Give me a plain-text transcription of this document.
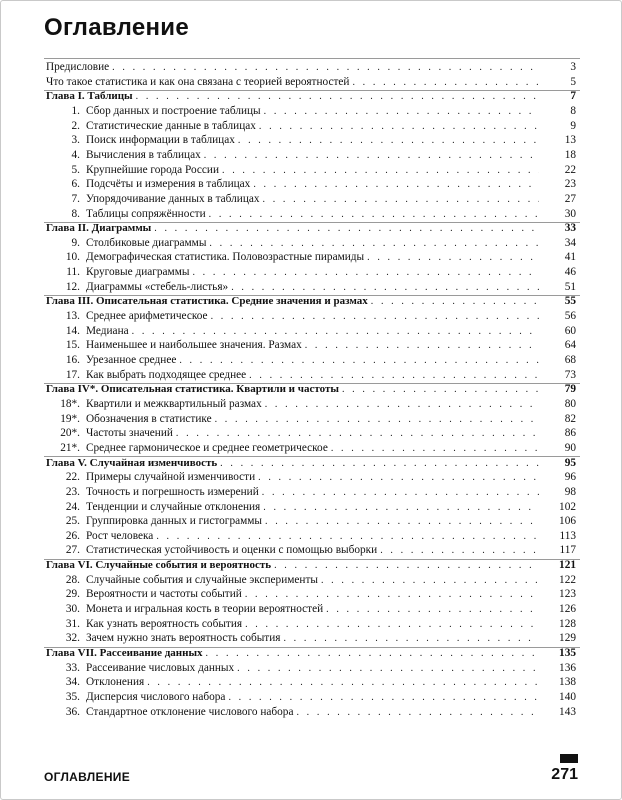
Оглавление
Предисловие . . .	3
Что такое статистика и как она связана с теорией вероятностей . . .	5
Глава I. Таблицы . . .	7
1. Сбор данных и построение таблицы . . .	8
2. Статистические данные в таблицах . . .	9
3. Поиск информации в таблицах . . .	13
4. Вычисления в таблицах . . .	18
5. Крупнейшие города России . . .	22
6. Подсчёты и измерения в таблицах . . .	23
7. Упорядочивание данных в таблицах . . .	27
8. Таблицы сопряжённости . . .	30
Глава II. Диаграммы . . .	33
9. Столбиковые диаграммы . . .	34
10. Демографическая статистика. Половозрастные пирамиды . . .	41
11. Круговые диаграммы . . .	46
12. Диаграммы «стебель-листья» . . .	51
Глава III. Описательная статистика. Средние значения и размах . . .	55
13. Среднее арифметическое . . .	56
14. Медиана . . .	60
15. Наименьшее и наибольшее значения. Размах . . .	64
16. Урезанное среднее . . .	68
17. Как выбрать подходящее среднее . . .	73
Глава IV*. Описательная статистика. Квартили и частоты . . .	79
18*. Квартили и межквартильный размах . . .	80
19*. Обозначения в статистике . . .	82
20*. Частоты значений . . .	86
21*. Среднее гармоническое и среднее геометрическое . . .	90
Глава V. Случайная изменчивость . . .	95
22. Примеры случайной изменчивости . . .	96
23. Точность и погрешность измерений . . .	98
24. Тенденции и случайные отклонения . . .	102
25. Группировка данных и гистограммы . . .	106
26. Рост человека . . .	113
27. Статистическая устойчивость и оценки с помощью выборки . . .	117
Глава VI. Случайные события и вероятность . . .	121
28. Случайные события и случайные эксперименты . . .	122
29. Вероятности и частоты событий . . .	123
30. Монета и игральная кость в теории вероятностей . . .	126
31. Как узнать вероятность события . . .	128
32. Зачем нужно знать вероятность события . . .	129
Глава VII. Рассеивание данных . . .	135
33. Рассеивание числовых данных . . .	136
34. Отклонения . . .	138
35. Дисперсия числового набора . . .	140
36. Стандартное отклонение числового набора . . .	143
ОГЛАВЛЕНИЕ	271
